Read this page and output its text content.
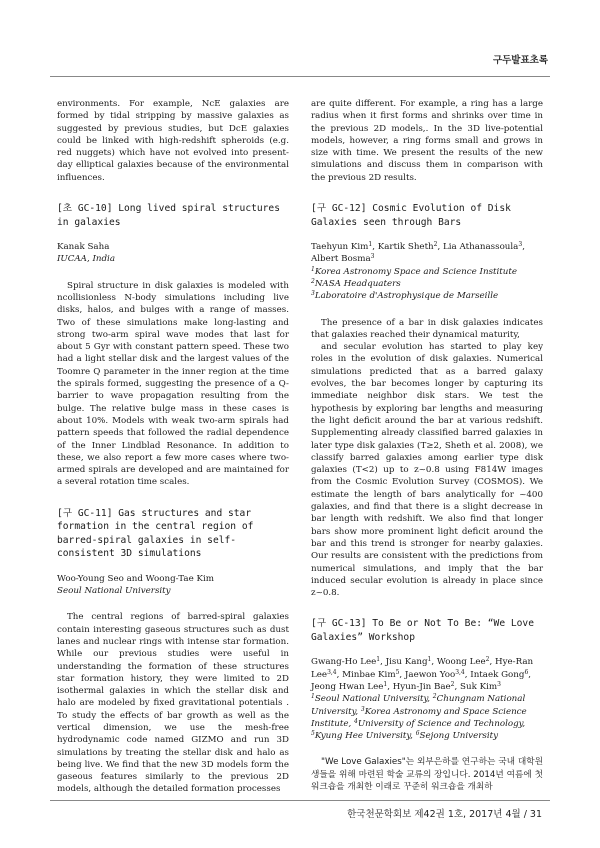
구두발표초록

environments. For example, NcE galaxies are formed by tidal stripping by massive galaxies as suggested by previous studies, but DcE galaxies could be linked with high-redshift spheroids (e.g. red nuggets) which have not evolved into present-day elliptical galaxies because of the environmental influences.

[초 GC-10] Long lived spiral structures in galaxies
Kanak Saha
IUCAA, India

Spiral structure in disk galaxies is modeled with ncollisionless N-body simulations including live disks, halos, and bulges with a range of masses. Two of these simulations make long-lasting and strong two-arm spiral wave modes that last for about 5 Gyr with constant pattern speed. These two had a light stellar disk and the largest values of the Toomre Q parameter in the inner region at the time the spirals formed, suggesting the presence of a Q-barrier to wave propagation resulting from the bulge. The relative bulge mass in these cases is about 10%. Models with weak two-arm spirals had pattern speeds that followed the radial dependence of the Inner Lindblad Resonance. In addition to these, we also report a few more cases where two-armed spirals are developed and are maintained for a several rotation time scales.

[구 GC-11] Gas structures and star formation in the central region of barred-spiral galaxies in self-consistent 3D simulations
Woo-Young Seo and Woong-Tae Kim
Seoul National University

The central regions of barred-spiral galaxies contain interesting gaseous structures such as dust lanes and nuclear rings with intense star formation. While our previous studies were useful in understanding the formation of these structures star formation history, they were limited to 2D isothermal galaxies in which the stellar disk and halo are modeled by fixed gravitational potentials . To study the effects of bar growth as well as the vertical dimension, we use the mesh-free hydrodynamic code named GIZMO and run 3D simulations by treating the stellar disk and halo as being live. We find that the new 3D models form the gaseous features similarly to the previous 2D models, although the detailed formation processes

are quite different. For example, a ring has a large radius when it first forms and shrinks over time in the previous 2D models,. In the 3D live-potential models, however, a ring forms small and grows in size with time. We present the results of the new simulations and discuss them in comparison with the previous 2D results.

[구 GC-12] Cosmic Evolution of Disk Galaxies seen through Bars
Taehyun Kim$^1$, Kartik Sheth$^2$, Lia Athanassoula$^3$,
Albert Bosma$^3$
$^1$Korea Astronomy Space and Science Institute
$^2$NASA Headquaters
$^3$Laboratoire d'Astrophysique de Marseille

The presence of a bar in disk galaxies indicates that galaxies reached their dynamical maturity,

and secular evolution has started to play key roles in the evolution of disk galaxies. Numerical simulations predicted that as a barred galaxy evolves, the bar becomes longer by capturing its immediate neighbor disk stars. We test the hypothesis by exploring bar lengths and measuring the light deficit around the bar at various redshift. Supplementing already classified barred galaxies in later type disk galaxies (T≥2, Sheth et al. 2008), we classify barred galaxies among earlier type disk galaxies (T<2) up to z~0.8 using F814W images from the Cosmic Evolution Survey (COSMOS). We estimate the length of bars analytically for ~400 galaxies, and find that there is a slight decrease in bar length with redshift. We also find that longer bars show more prominent light deficit around the bar and this trend is stronger for nearby galaxies. Our results are consistent with the predictions from numerical simulations, and imply that the bar induced secular evolution is already in place since z~0.8.

[구 GC-13] To Be or Not To Be: “We Love Galaxies” Workshop
Gwang-Ho Lee$^1$, Jisu Kang$^1$, Woong Lee$^2$, Hye-Ran Lee$^{3,4}$, Minbae Kim$^5$, Jaewon Yoo$^{3,4}$, Intaek Gong$^6$, Jeong Hwan Lee$^1$, Hyun-Jin Bae$^2$, Suk Kim$^3$
$^1$Seoul National University, $^2$Chungnam National University, $^3$Korea Astronomy and Space Science Institute, $^4$University of Science and Technology, $^5$Kyung Hee University, $^6$Sejong University

"We Love Galaxies"는 외부은하를 연구하는 국내 대학원생들을 위해 마련된 학술 교류의 장입니다. 2014년 여름에 첫 워크숍을 개최한 이래로 꾸준히 워크숍을 개최하

한국천문학회보 제42권 1호, 2017년 4월 / 31
